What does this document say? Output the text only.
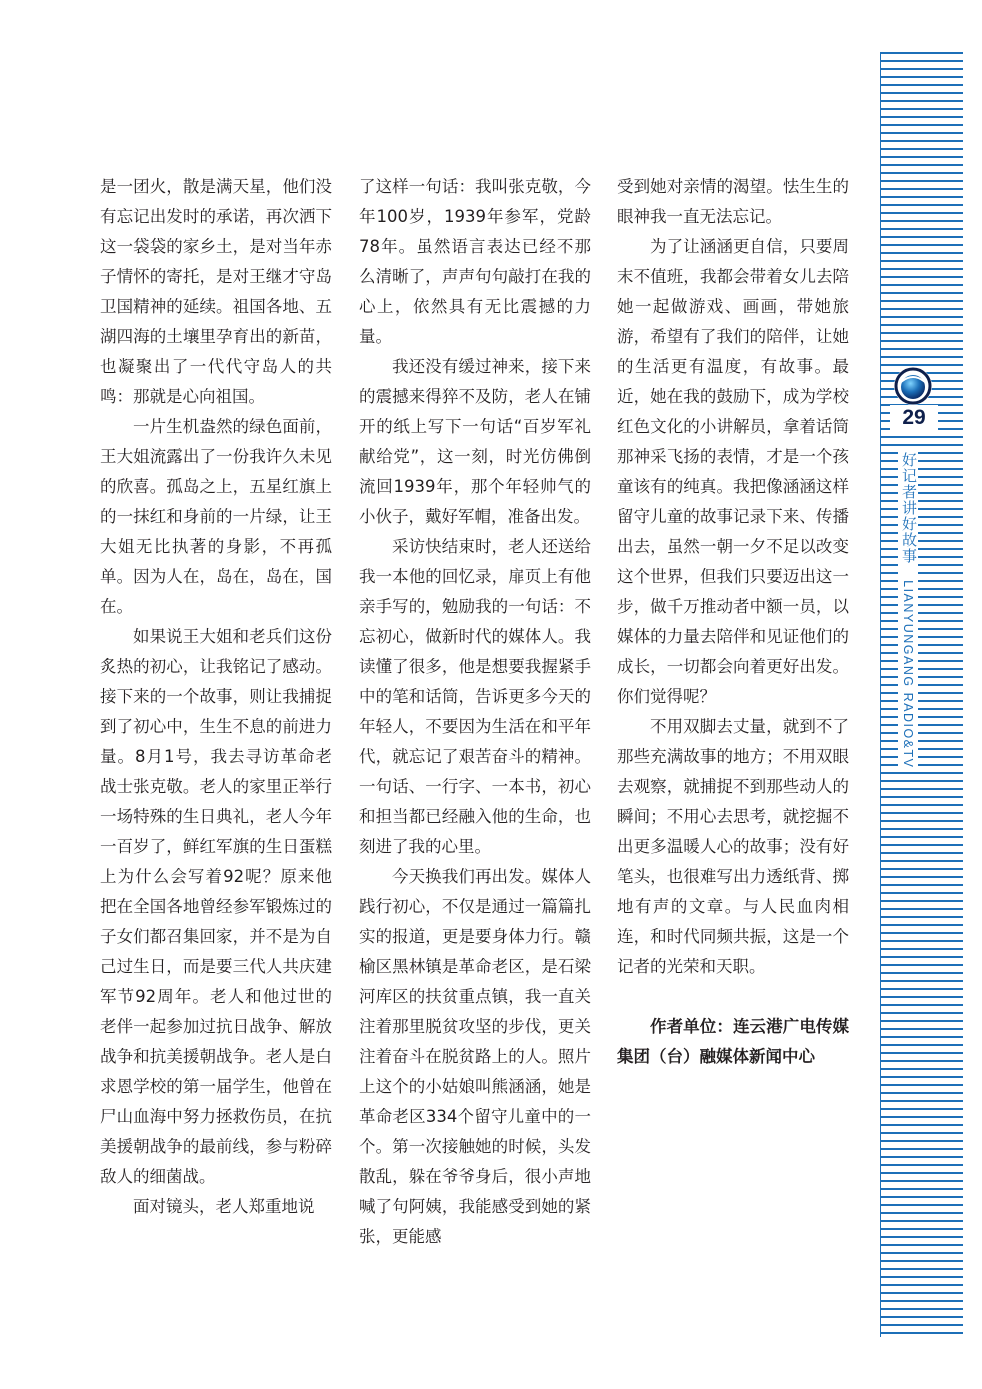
29
好记者讲好故事 LIANYUNGANG RADIO&TV

是一团火，散是满天星，他们没有忘记出发时的承诺，再次洒下这一袋袋的家乡土，是对当年赤子情怀的寄托，是对王继才守岛卫国精神的延续。祖国各地、五湖四海的土壤里孕育出的新苗，也凝聚出了一代代守岛人的共鸣：那就是心向祖国。

一片生机盎然的绿色面前，王大姐流露出了一份我许久未见的欣喜。孤岛之上，五星红旗上的一抹红和身前的一片绿，让王大姐无比执著的身影，不再孤单。因为人在，岛在，岛在，国在。

如果说王大姐和老兵们这份炙热的初心，让我铭记了感动。接下来的一个故事，则让我捕捉到了初心中，生生不息的前进力量。8月1号，我去寻访革命老战士张克敬。老人的家里正举行一场特殊的生日典礼，老人今年一百岁了，鲜红军旗的生日蛋糕上为什么会写着92呢？原来他把在全国各地曾经参军锻炼过的子女们都召集回家，并不是为自己过生日，而是要三代人共庆建军节92周年。老人和他过世的老伴一起参加过抗日战争、解放战争和抗美援朝战争。老人是白求恩学校的第一届学生，他曾在尸山血海中努力拯救伤员，在抗美援朝战争的最前线，参与粉碎敌人的细菌战。

面对镜头，老人郑重地说

了这样一句话：我叫张克敬，今年100岁，1939年参军，党龄78年。虽然语言表达已经不那么清晰了，声声句句敲打在我的心上，依然具有无比震撼的力量。

我还没有缓过神来，接下来的震撼来得猝不及防，老人在铺开的纸上写下一句话“百岁军礼献给党”，这一刻，时光仿佛倒流回1939年，那个年轻帅气的小伙子，戴好军帽，准备出发。

采访快结束时，老人还送给我一本他的回忆录，扉页上有他亲手写的，勉励我的一句话：不忘初心，做新时代的媒体人。我读懂了很多，他是想要我握紧手中的笔和话筒，告诉更多今天的年轻人，不要因为生活在和平年代，就忘记了艰苦奋斗的精神。一句话、一行字、一本书，初心和担当都已经融入他的生命，也刻进了我的心里。

今天换我们再出发。媒体人践行初心，不仅是通过一篇篇扎实的报道，更是要身体力行。赣榆区黑林镇是革命老区，是石梁河库区的扶贫重点镇，我一直关注着那里脱贫攻坚的步伐，更关注着奋斗在脱贫路上的人。照片上这个的小姑娘叫熊涵涵，她是革命老区334个留守儿童中的一个。第一次接触她的时候，头发散乱，躲在爷爷身后，很小声地喊了句阿姨，我能感受到她的紧张，更能感

受到她对亲情的渴望。怯生生的眼神我一直无法忘记。

为了让涵涵更自信，只要周末不值班，我都会带着女儿去陪她一起做游戏、画画，带她旅游，希望有了我们的陪伴，让她的生活更有温度，有故事。最近，她在我的鼓励下，成为学校红色文化的小讲解员，拿着话筒那神采飞扬的表情，才是一个孩童该有的纯真。我把像涵涵这样留守儿童的故事记录下来、传播出去，虽然一朝一夕不足以改变这个世界，但我们只要迈出这一步，做千万推动者中额一员，以媒体的力量去陪伴和见证他们的成长，一切都会向着更好出发。你们觉得呢？

不用双脚去丈量，就到不了那些充满故事的地方；不用双眼去观察，就捕捉不到那些动人的瞬间；不用心去思考，就挖掘不出更多温暖人心的故事；没有好笔头，也很难写出力透纸背、掷地有声的文章。与人民血肉相连，和时代同频共振，这是一个记者的光荣和天职。

作者单位：连云港广电传媒集团（台）融媒体新闻中心
